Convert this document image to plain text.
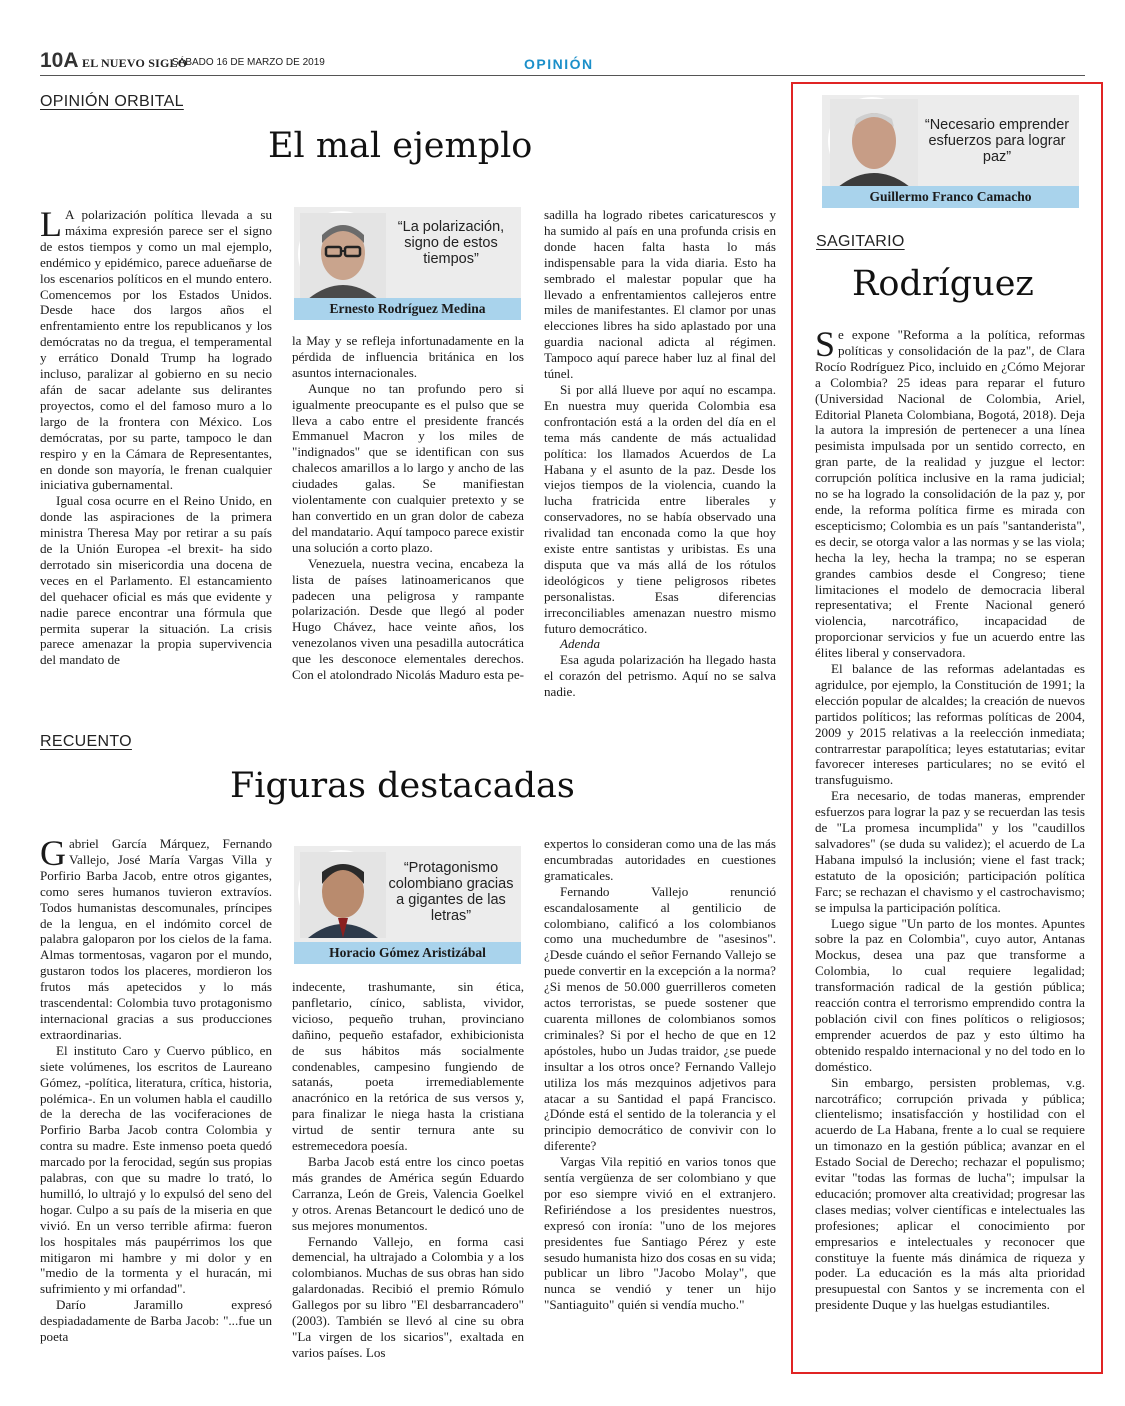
10A EL NUEVO SIGLO
SÁBADO 16 DE MARZO DE 2019	OPINIÓN
OPINIÓN ORBITAL
El mal ejemplo

L A polarización política llevada a su máxima expresión parece ser el signo de estos tiempos y como un mal ejemplo, endémico y epidémico, parece adueñarse de los escenarios políticos en el mundo entero. Comencemos por los Estados Unidos. Desde hace dos largos años el enfrentamiento entre los republicanos y los demócratas no da tregua, el temperamental y errático Donald Trump ha logrado incluso, paralizar al gobierno en su necio afán de sacar adelante sus delirantes proyectos, como el del famoso muro a lo largo de la frontera con México. Los demócratas, por su parte, tampoco le dan respiro y en la Cámara de Representantes, en donde son mayoría, le frenan cualquier iniciativa gubernamental.

Igual cosa ocurre en el Reino Unido, en donde las aspiraciones de la primera ministra Theresa May por retirar a su país de la Unión Europea -el brexit- ha sido derrotado sin misericordia una docena de veces en el Parlamento. El estancamiento del quehacer oficial es más que evidente y nadie parece encontrar una fórmula que permita superar la situación. La crisis parece amenazar la propia supervivencia del mandato de

“La polarización, signo de estos tiempos”
Ernesto Rodríguez Medina

la May y se refleja infortunadamente en la pérdida de influencia británica en los asuntos internacionales.

Aunque no tan profundo pero si igualmente preocupante es el pulso que se lleva a cabo entre el presidente francés Emmanuel Macron y los miles de "indignados" que se identifican con sus chalecos amarillos a lo largo y ancho de las ciudades galas. Se manifiestan violentamente con cualquier pretexto y se han convertido en un gran dolor de cabeza del mandatario. Aquí tampoco parece existir una solución a corto plazo.

Venezuela, nuestra vecina, encabeza la lista de países latinoamericanos que padecen una peligrosa y rampante polarización. Desde que llegó al poder Hugo Chávez, hace veinte años, los venezolanos viven una pesadilla autocrática que les desconoce elementales derechos. Con el atolondrado Nicolás Maduro esta pe-

sadilla ha logrado ribetes caricaturescos y ha sumido al país en una profunda crisis en donde hacen falta hasta lo más indispensable para la vida diaria. Esto ha sembrado el malestar popular que ha llevado a enfrentamientos callejeros entre miles de manifestantes. El clamor por unas elecciones libres ha sido aplastado por una guardia nacional adicta al régimen. Tampoco aquí parece haber luz al final del túnel.

Si por allá llueve por aquí no escampa. En nuestra muy querida Colombia esa confrontación está a la orden del día en el tema más candente de más actualidad política: los llamados Acuerdos de La Habana y el asunto de la paz. Desde los viejos tiempos de la violencia, cuando la lucha fratricida entre liberales y conservadores, no se había observado una rivalidad tan enconada como la que hoy existe entre santistas y uribistas. Es una disputa que va más allá de los rótulos ideológicos y tiene peligrosos ribetes personalistas. Esas diferencias irreconciliables amenazan nuestro mismo futuro democrático.

Adenda

Esa aguda polarización ha llegado hasta el corazón del petrismo. Aquí no se salva nadie.

RECUENTO
Figuras destacadas

Gabriel García Márquez, Fernando Vallejo, José María Vargas Villa y Porfirio Barba Jacob, entre otros gigantes, como seres humanos tuvieron extravíos. Todos humanistas descomunales, príncipes de la lengua, en el indómito corcel de palabra galoparon por los cielos de la fama. Almas tormentosas, vagaron por el mundo, gustaron todos los placeres, mordieron los frutos más apetecidos y lo más trascendental: Colombia tuvo protagonismo internacional gracias a sus producciones extraordinarias.

El instituto Caro y Cuervo público, en siete volúmenes, los escritos de Laureano Gómez, -política, literatura, crítica, historia, polémica-. En un volumen habla el caudillo de la derecha de las vociferaciones de Porfirio Barba Jacob contra Colombia y contra su madre. Este inmenso poeta quedó marcado por la ferocidad, según sus propias palabras, con que su madre lo trató, lo humilló, lo ultrajó y lo expulsó del seno del hogar. Culpo a su país de la miseria en que vivió. En un verso terrible afirma: fueron los hospitales más paupérrimos los que mitigaron mi hambre y mi dolor y en "medio de la tormenta y el huracán, mi sufrimiento y mi orfandad".

Darío Jaramillo expresó despiadadamente de Barba Jacob: "...fue un poeta

“Protagonismo colombiano gracias a gigantes de las letras”
Horacio Gómez Aristizábal

indecente, trashumante, sin ética, panfletario, cínico, sablista, vividor, vicioso, pequeño truhan, provinciano dañino, pequeño estafador, exhibicionista de sus hábitos más socialmente condenables, campesino fungiendo de satanás, poeta irremediablemente anacrónico en la retórica de sus versos y, para finalizar le niega hasta la cristiana virtud de sentir ternura ante su estremecedora poesía.

Barba Jacob está entre los cinco poetas más grandes de América según Eduardo Carranza, León de Greis, Valencia Goelkel y otros. Arenas Betancourt le dedicó uno de sus mejores monumentos.

Fernando Vallejo, en forma casi demencial, ha ultrajado a Colombia y a los colombianos. Muchas de sus obras han sido galardonadas. Recibió el premio Rómulo Gallegos por su libro "El desbarrancadero" (2003). También se llevó al cine su obra "La virgen de los sicarios", exaltada en varios países. Los

expertos lo consideran como una de las más encumbradas autoridades en cuestiones gramaticales.

Fernando Vallejo renunció escandalosamente al gentilicio de colombiano, calificó a los colombianos como una muchedumbre de "asesinos". ¿Desde cuándo el señor Fernando Vallejo se puede convertir en la excepción a la norma? ¿Si menos de 50.000 guerrilleros cometen actos terroristas, se puede sostener que cuarenta millones de colombianos somos criminales? Si por el hecho de que en 12 apóstoles, hubo un Judas traidor, ¿se puede insultar a los otros once? Fernando Vallejo utiliza los más mezquinos adjetivos para atacar a su Santidad el papá Francisco. ¿Dónde está el sentido de la tolerancia y el principio democrático de convivir con lo diferente?

Vargas Vila repitió en varios tonos que sentía vergüenza de ser colombiano y que por eso siempre vivió en el extranjero. Refiriéndose a los presidentes nuestros, expresó con ironía: "uno de los mejores presidentes fue Santiago Pérez y este sesudo humanista hizo dos cosas en su vida; publicar un libro "Jacobo Molay", que nunca se vendió y tener un hijo "Santiaguito" quién si vendía mucho."

“Necesario emprender esfuerzos para lograr paz”
Guillermo Franco Camacho
SAGITARIO
Rodríguez

Se expone "Reforma a la política, reformas políticas y consolidación de la paz", de Clara Rocío Rodríguez Pico, incluido en ¿Cómo Mejorar a Colombia? 25 ideas para reparar el futuro (Universidad Nacional de Colombia, Ariel, Editorial Planeta Colombiana, Bogotá, 2018). Deja la autora la impresión de pertenecer a una línea pesimista impulsada por un sentido correcto, en gran parte, de la realidad y juzgue el lector: corrupción política inclusive en la rama judicial; no se ha logrado la consolidación de la paz y, por ende, la reforma política firme es mirada con escepticismo; Colombia es un país "santanderista", es decir, se otorga valor a las normas y se las viola; hecha la ley, hecha la trampa; no se esperan grandes cambios desde el Congreso; tiene limitaciones el modelo de democracia liberal representativa; el Frente Nacional generó violencia, narcotráfico, incapacidad de proporcionar servicios y fue un acuerdo entre las élites liberal y conservadora.

El balance de las reformas adelantadas es agridulce, por ejemplo, la Constitución de 1991; la elección popular de alcaldes; la creación de nuevos partidos políticos; las reformas políticas de 2004, 2009 y 2015 relativas a la reelección inmediata; contrarrestar parapolítica; leyes estatutarias; evitar favorecer intereses particulares; no se evitó el transfuguismo.

Era necesario, de todas maneras, emprender esfuerzos para lograr la paz y se recuerdan las tesis de "La promesa incumplida" y los "caudillos salvadores" (se duda su validez); el acuerdo de La Habana impulsó la inclusión; viene el fast track; estatuto de la oposición; participación política Farc; se rechazan el chavismo y el castrochavismo; se impulsa la participación política.

Luego sigue "Un parto de los montes. Apuntes sobre la paz en Colombia", cuyo autor, Antanas Mockus, desea una paz que transforme a Colombia, lo cual requiere legalidad; transformación radical de la gestión pública; reacción contra el terrorismo emprendido contra la población civil con fines políticos o religiosos; emprender acuerdos de paz y esto último ha obtenido respaldo internacional y no del todo en lo doméstico.

Sin embargo, persisten problemas, v.g. narcotráfico; corrupción privada y pública; clientelismo; insatisfacción y hostilidad con el acuerdo de La Habana, frente a lo cual se requiere un timonazo en la gestión pública; avanzar en el Estado Social de Derecho; rechazar el populismo; evitar "todas las formas de lucha"; impulsar la educación; promover alta creatividad; progresar las clases medias; volver científicas e intelectuales las profesiones; aplicar el conocimiento por empresarios e intelectuales y reconocer que constituye la fuente más dinámica de riqueza y poder. La educación es la más alta prioridad presupuestal con Santos y se incrementa con el presidente Duque y las huelgas estudiantiles.
